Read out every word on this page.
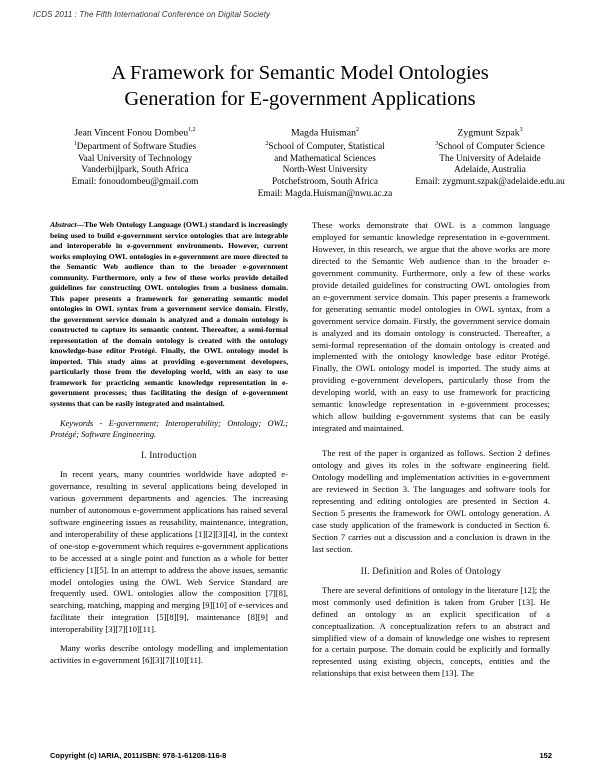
ICDS 2011 : The Fifth International Conference on Digital Society
A Framework for Semantic Model Ontologies
Generation for E-government Applications
Jean Vincent Fonou Dombeu$^{1,2}$
$^1$Department of Software Studies
Vaal University of Technology
Vanderbijlpark, South Africa
Email: fonoudombeu@gmail.com
Magda Huisman$^2$
$^2$School of Computer, Statistical
and Mathematical Sciences
North-West University
Potchefstroom, South Africa
Email: Magda.Huisman@nwu.ac.za
Zygmunt Szpak$^3$
$^3$School of Computer Science
The University of Adelaide
Adelaide, Australia
Email: zygmunt.szpak@adelaide.edu.au
Abstract—The Web Ontology Language (OWL) standard is increasingly being used to build e-government service ontologies that are integrable and interoperable in e-government environments. However, current works employing OWL ontologies in e-government are more directed to the Semantic Web audience than to the broader e-government community. Furthermore, only a few of these works provide detailed guidelines for constructing OWL ontologies from a business domain. This paper presents a framework for generating semantic model ontologies in OWL syntax from a government service domain. Firstly, the government service domain is analyzed and a domain ontology is constructed to capture its semantic content. Thereafter, a semi-formal representation of the domain ontology is created with the ontology knowledge-base editor Protégé. Finally, the OWL ontology model is imported. This study aims at providing e-government developers, particularly those from the developing world, with an easy to use framework for practicing semantic knowledge representation in e-government processes; thus facilitating the design of e-government systems that can be easily integrated and maintained.
Keywords - E-government; Interoperability; Ontology; OWL; Protégé; Software Engineering.
I. Introduction

In recent years, many countries worldwide have adopted e-governance, resulting in several applications being developed in various government departments and agencies. The increasing number of autonomous e-government applications has raised several software engineering issues as reusability, maintenance, integration, and interoperability of these applications [1][2][3][4], in the context of one-stop e-government which requires e-government applications to be accessed at a single point and function as a whole for better efficiency [1][5]. In an attempt to address the above issues, semantic model ontologies using the OWL Web Service Standard are frequently used. OWL ontologies allow the composition [7][8], searching, matching, mapping and merging [9][10] of e-services and facilitate their integration [5][8][9], maintenance [8][9] and interoperability [3][7][10][11].

Many works describe ontology modelling and implementation activities in e-government [6][3][7][10][11].

These works demonstrate that OWL is a common language employed for semantic knowledge representation in e-government. However, in this research, we argue that the above works are more directed to the Semantic Web audience than to the broader e-government community. Furthermore, only a few of these works provide detailed guidelines for constructing OWL ontologies from an e-government service domain. This paper presents a framework for generating semantic model ontologies in OWL syntax, from a government service domain. Firstly, the government service domain is analyzed and its domain ontology is constructed. Thereafter, a semi-formal representation of the domain ontology is created and implemented with the ontology knowledge base editor Protégé. Finally, the OWL ontology model is imported. The study aims at providing e-government developers, particularly those from the developing world, with an easy to use framework for practicing semantic knowledge representation in e-government processes; which allow building e-government systems that can be easily integrated and maintained.

The rest of the paper is organized as follows. Section 2 defines ontology and gives its roles in the software engineering field. Ontology modelling and implementation activities in e-government are reviewed in Section 3. The languages and software tools for representing and editing ontologies are presented in Section 4. Section 5 presents the framework for OWL ontology generation. A case study application of the framework is conducted in Section 6. Section 7 carries out a discussion and a conclusion is drawn in the last section.

II. Definition and Roles of Ontology

There are several definitions of ontology in the literature [12]; the most commonly used definition is taken from Gruber [13]. He defined an ontology as an explicit specification of a conceptualization. A conceptualization refers to an abstract and simplified view of a domain of knowledge one wishes to represent for a certain purpose. The domain could be explicitly and formally represented using existing objects, concepts, entities and the relationships that exist between them [13]. The

Copyright (c) IARIA, 2011.
ISBN: 978-1-61208-116-8	152
